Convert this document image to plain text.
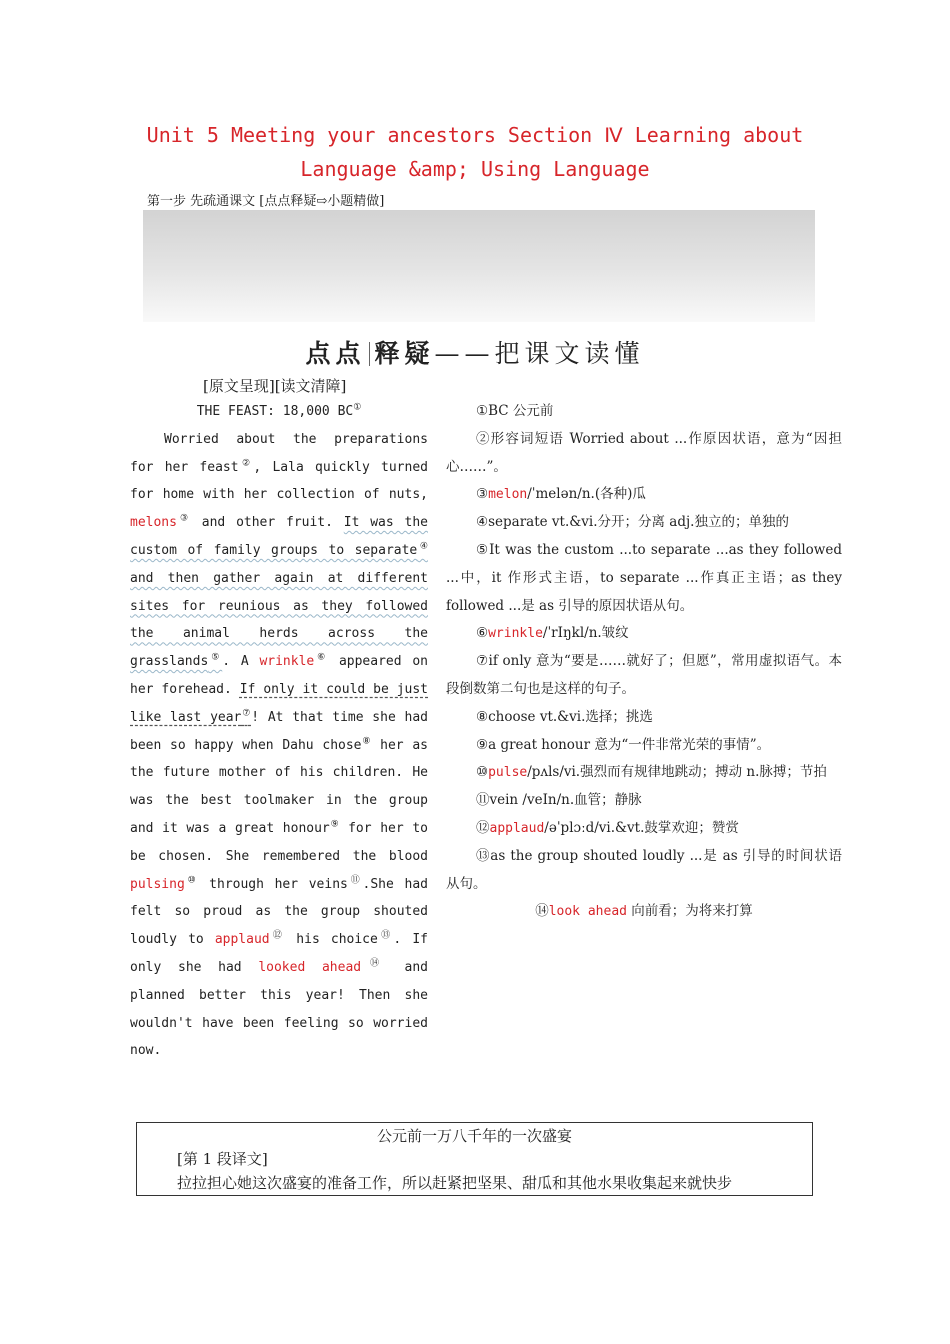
Unit 5 Meeting your ancestors Section Ⅳ Learning about
Language &amp; Using Language
第一步 先疏通课文 [点点释疑⇨小题精做]
点点 释疑——把课文读懂
[原文呈现][读文清障]
THE FEAST: 18,000 BC①

Worried about the preparations for her feast②, Lala quickly turned for home with her collection of nuts, melons③ and other fruit. It was the custom of family groups to separate④ and then gather again at different sites for reunious as they followed the animal herds across the grasslands⑤. A wrinkle⑥ appeared on her forehead. If only it could be just like last year⑦! At that time she had been so happy when Dahu chose⑧ her as the future mother of his children. He was the best toolmaker in the group and it was a great honour⑨ for her to be chosen. She remembered the blood pulsing⑩ through her veins⑪.She had felt so proud as the group shouted loudly to applaud⑫ his choice⑬. If only she had looked ahead⑭ and planned better this year! Then she wouldn't have been feeling so worried now.

①BC 公元前

②形容词短语 Worried about ...作原因状语，意为“因担心……”。

③melon/ˈmelən/n.(各种)瓜

④separate vt.&vi.分开；分离 adj.独立的；单独的

⑤It was the custom ...to separate ...as they followed ...中，it 作形式主语，to separate ...作真正主语；as they followed ...是 as 引导的原因状语从句。

⑥wrinkle/ˈrIŋkl/n.皱纹

⑦if only 意为“要是……就好了；但愿”，常用虚拟语气。本段倒数第二句也是这样的句子。

⑧choose vt.&vi.选择；挑选

⑨a great honour 意为“一件非常光荣的事情”。

⑩pulse/pʌls/vi.强烈而有规律地跳动；搏动 n.脉搏；节拍

⑪vein /veIn/n.血管；静脉

⑫applaud/əˈplɔːd/vi.&vt.鼓掌欢迎；赞赏

⑬as the group shouted loudly ...是 as 引导的时间状语从句。

⑭look ahead 向前看；为将来打算

公元前一万八千年的一次盛宴
[第 1 段译文]
拉拉担心她这次盛宴的准备工作，所以赶紧把坚果、甜瓜和其他水果收集起来就快步
